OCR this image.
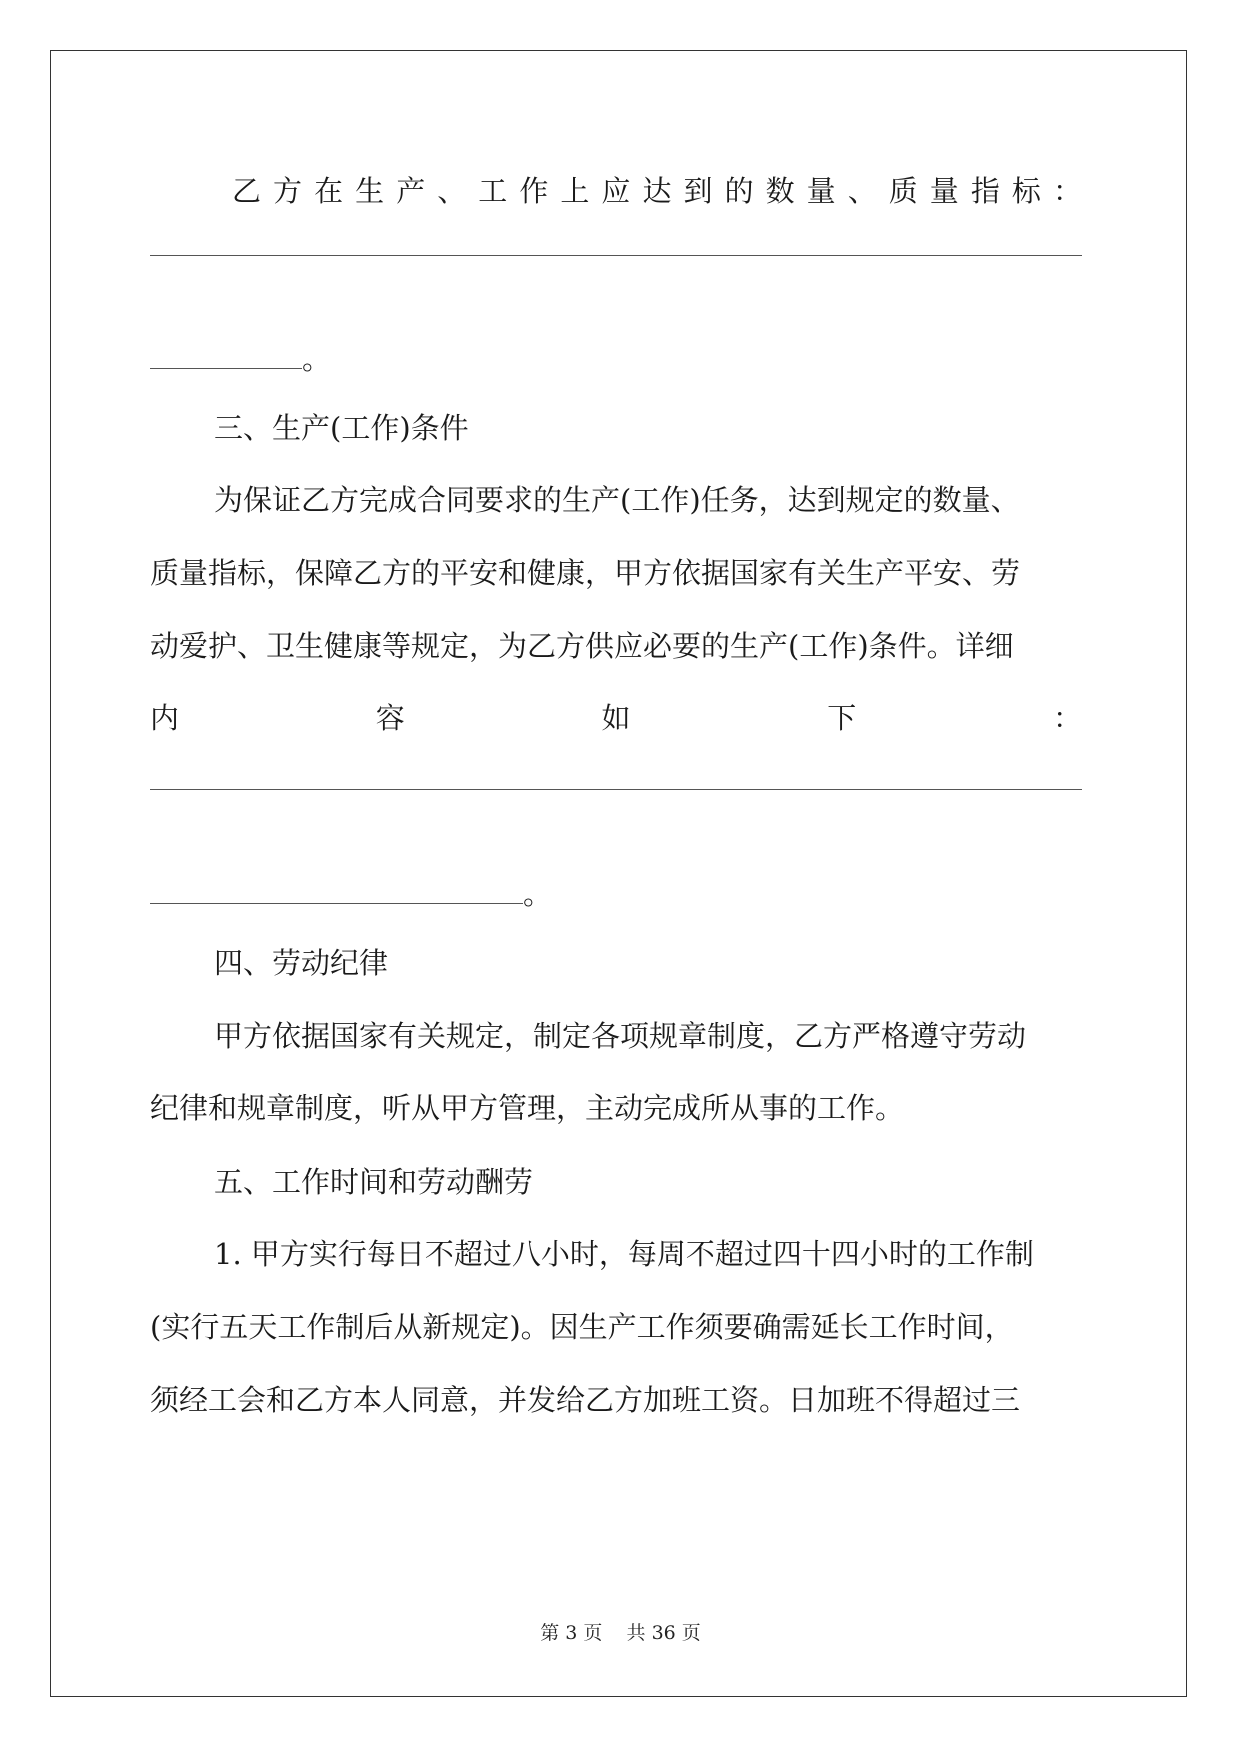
乙 方 在 生 产 、 工 作 上 应 达 到 的 数 量 、 质 量 指 标 ：
。
三、生产(工作)条件
为保证乙方完成合同要求的生产(工作)任务，达到规定的数量、
质量指标，保障乙方的平安和健康，甲方依据国家有关生产平安、劳
动爱护、卫生健康等规定，为乙方供应必要的生产(工作)条件。详细
内	容	如	下	：
。
四、劳动纪律
甲方依据国家有关规定，制定各项规章制度，乙方严格遵守劳动
纪律和规章制度，听从甲方管理，主动完成所从事的工作。
五、工作时间和劳动酬劳
1. 甲方实行每日不超过八小时，每周不超过四十四小时的工作制
(实行五天工作制后从新规定)。因生产工作须要确需延长工作时间，
须经工会和乙方本人同意，并发给乙方加班工资。日加班不得超过三
第 3 页 共 36 页
